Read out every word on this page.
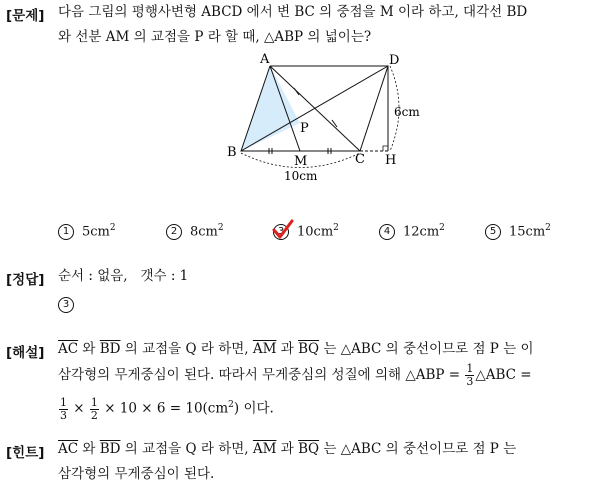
[문제] 다음 그림의 평행사변형 ABCD 에서 변 BC 의 중점을 M 이라 하고, 대각선 BD
와 선분 AM 의 교점을 P 라 할 때, △ABP 의 넓이는?
A	D
B	C H
M
P
6cm
10cm
1 $5cm^2$	2 $8cm^2$	3 $10cm^2$	4 $12cm^2$	5 $15cm^2$
[정답] 순서 : 없음, 갯수 : 1
3
[해설] $\overline{AC}$ 와 $\overline{BD}$ 의 교점을 Q 라 하면, $\overline{AM}$ 과 $\overline{BQ}$ 는 △ABC 의 중선이므로 점 P 는 이
삼각형의 무게중심이 된다. 따라서 무게중심의 성질에 의해 △ABP = $\frac{1}{3}$ △ABC =
$\frac{1}{3} \times \frac{1}{2} \times 10 \times 6 = 10(cm^2)$ 이다.
[힌트] $\overline{AC}$ 와 $\overline{BD}$ 의 교점을 Q 라 하면, $\overline{AM}$ 과 $\overline{BQ}$ 는 △ABC 의 중선이므로 점 P 는
삼각형의 무게중심이 된다.
